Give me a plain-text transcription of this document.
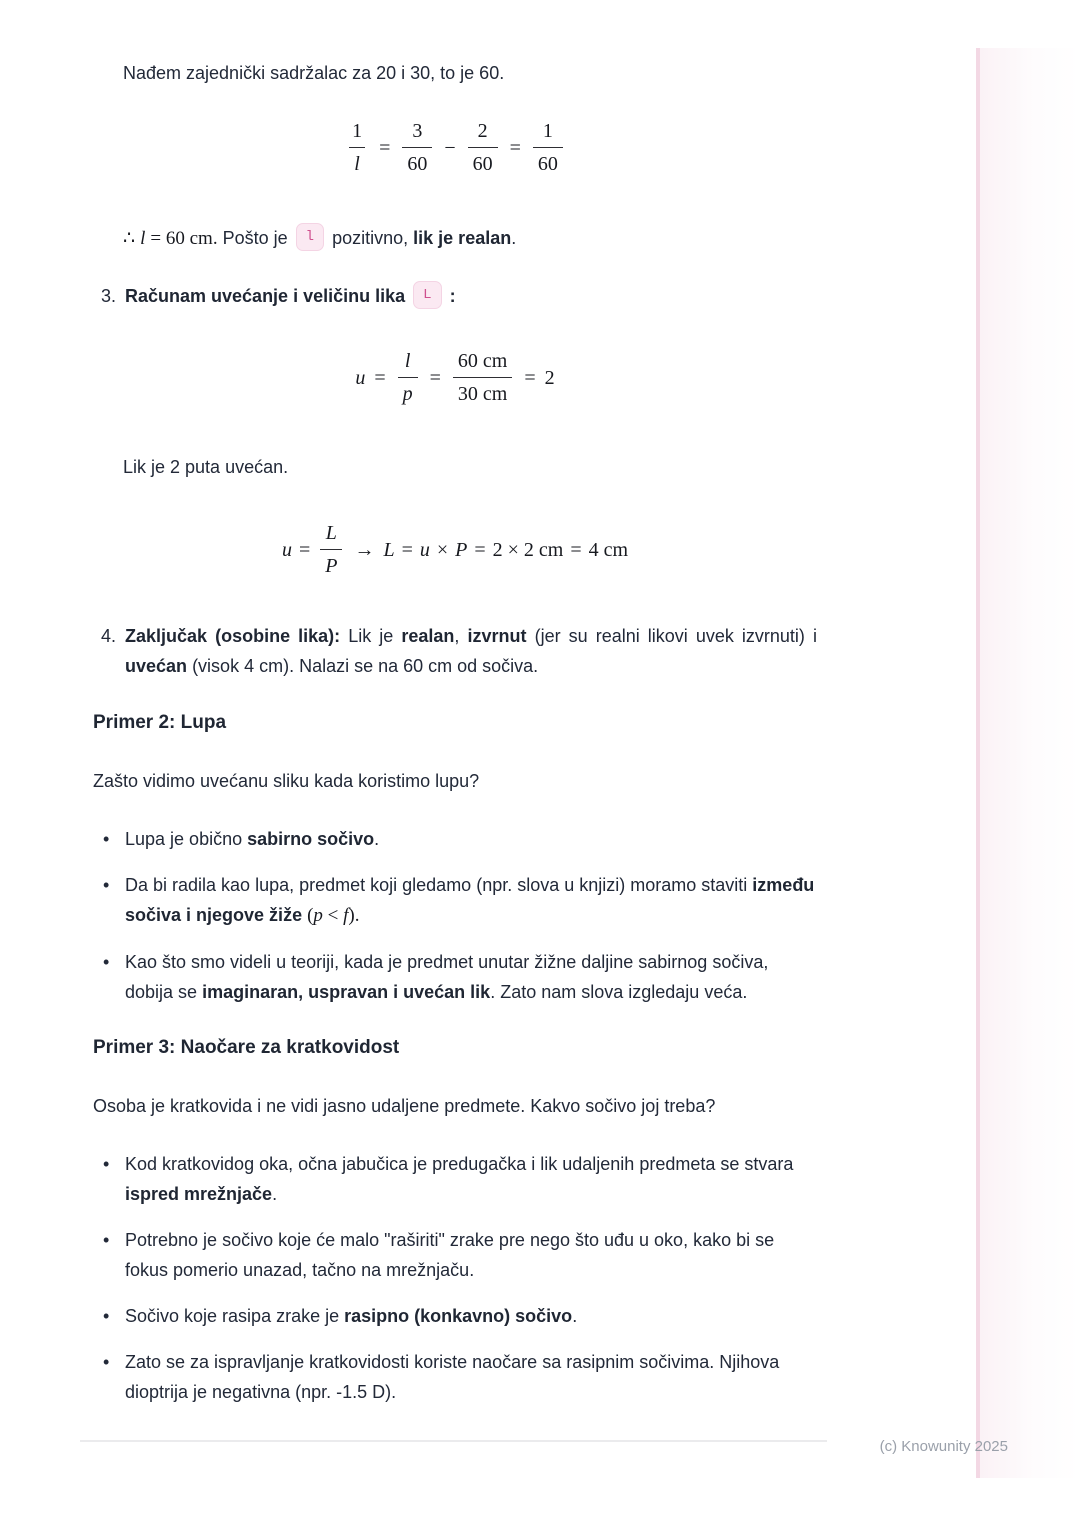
Nađem zajednički sadržalac za 20 i 30, to je 60.

$\frac{1}{l} = \frac{3}{60} - \frac{2}{60} = \frac{1}{60}$

∴ l = 60 cm. Pošto je l pozitivno, lik je realan.

3. Računam uvećanje i veličinu lika L :
$u = \frac{l}{p} = \frac{60 cm}{30 cm} = 2$

Lik je 2 puta uvećan.

$u = \frac{L}{P} \to L = u \times P = 2 \times 2$ cm = 4 cm
4. Zaključak (osobine lika): Lik je realan, izvrnut (jer su realni likovi uvek izvrnuti) i uvećan (visok 4 cm). Nalazi se na 60 cm od sočiva.
Primer 2: Lupa

Zašto vidimo uvećanu sliku kada koristimo lupu?

• Lupa je obično sabirno sočivo.
• Da bi radila kao lupa, predmet koji gledamo (npr. slova u knjizi) moramo staviti između sočiva i njegove žiže (p < f).
• Kao što smo videli u teoriji, kada je predmet unutar žižne daljine sabirnog sočiva, dobija se imaginaran, uspravan i uvećan lik. Zato nam slova izgledaju veća.
Primer 3: Naočare za kratkovidost

Osoba je kratkovida i ne vidi jasno udaljene predmete. Kakvo sočivo joj treba?

• Kod kratkovidog oka, očna jabučica je predugačka i lik udaljenih predmeta se stvara ispred mrežnjače.
• Potrebno je sočivo koje će malo "raširiti" zrake pre nego što uđu u oko, kako bi se fokus pomerio unazad, tačno na mrežnjaču.
• Sočivo koje rasipa zrake je rasipno (konkavno) sočivo.
• Zato se za ispravljanje kratkovidosti koriste naočare sa rasipnim sočivima. Njihova dioptrija je negativna (npr. -1.5 D).
(c) Knowunity 2025
